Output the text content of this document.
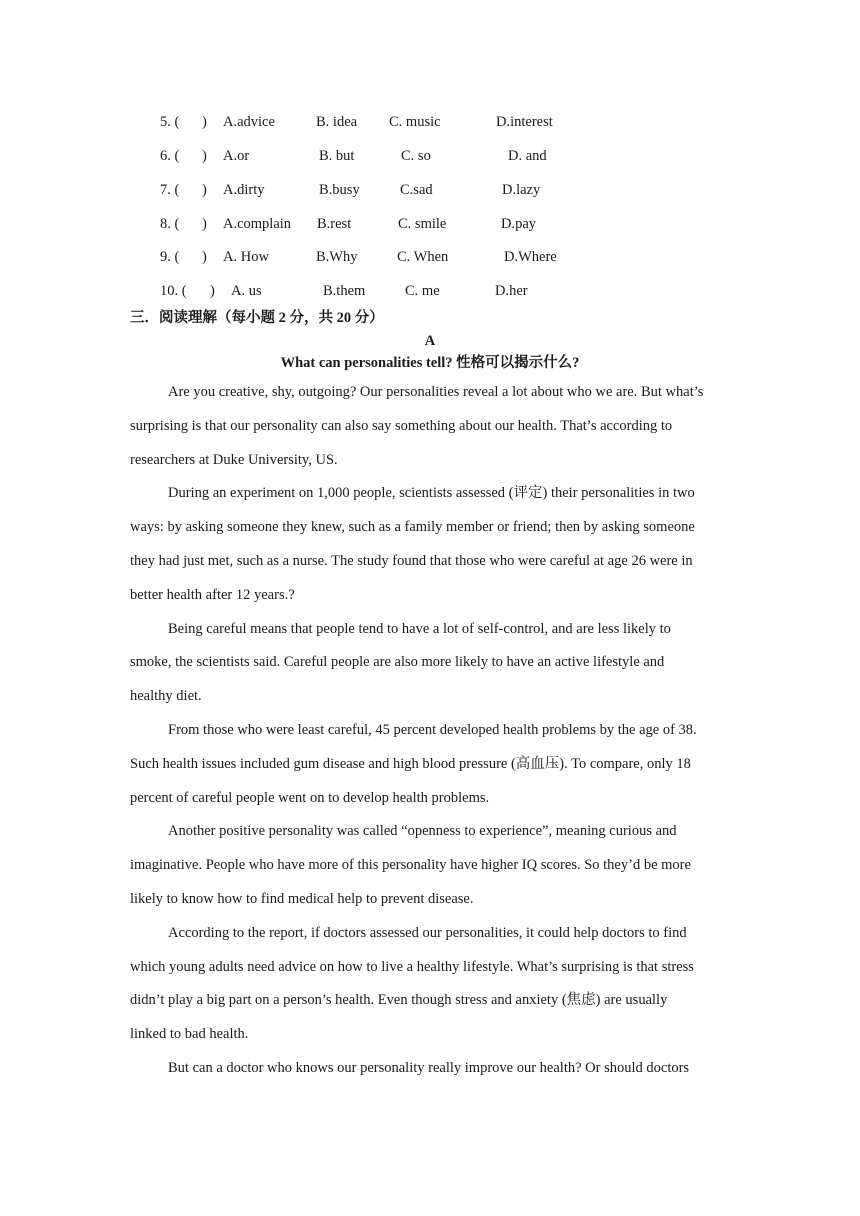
5. ( ) A.advice	B. idea C. music	D.interest
6. ( ) A.or	B. but	C. so	D. and
7. ( ) A.dirty	B.busy	C.sad	D.lazy
8. ( ) A.complain B.rest	C. smile	D.pay
9. ( ) A. How	B.Why	C. When	D.Where
10. ( ) A. us	B.them	C. me	D.her
三．阅读理解（每小题 2 分，共 20 分）
A
What can personalities tell? 性格可以揭示什么?
Are you creative, shy, outgoing? Our personalities reveal a lot about who we are. But what’s
surprising is that our personality can also say something about our health. That’s according to
researchers at Duke University, US.
During an experiment on 1,000 people, scientists assessed (评定) their personalities in two
ways: by asking someone they knew, such as a family member or friend; then by asking someone
they had just met, such as a nurse. The study found that those who were careful at age 26 were in
better health after 12 years.?
Being careful means that people tend to have a lot of self-control, and are less likely to
smoke, the scientists said. Careful people are also more likely to have an active lifestyle and
healthy diet.
From those who were least careful, 45 percent developed health problems by the age of 38.
Such health issues included gum disease and high blood pressure (高血压). To compare, only 18
percent of careful people went on to develop health problems.
Another positive personality was called “openness to experience”, meaning curious and
imaginative. People who have more of this personality have higher IQ scores. So they’d be more
likely to know how to find medical help to prevent disease.
According to the report, if doctors assessed our personalities, it could help doctors to find
which young adults need advice on how to live a healthy lifestyle. What’s surprising is that stress
didn’t play a big part on a person’s health. Even though stress and anxiety (焦虑) are usually
linked to bad health.
But can a doctor who knows our personality really improve our health? Or should doctors
